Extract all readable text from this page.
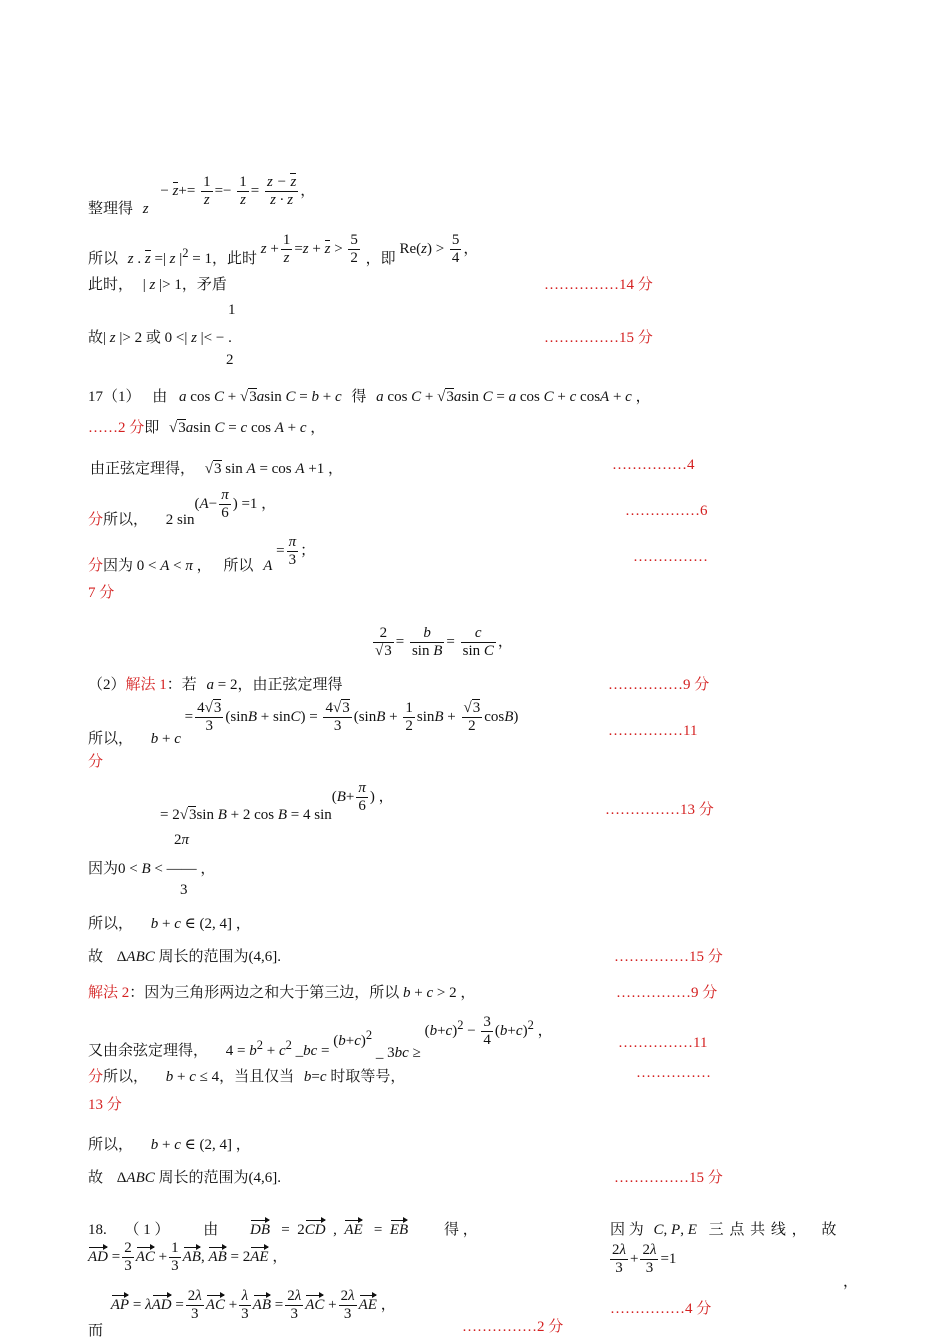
整理得 $z - z+= \frac{1}{z} =- \frac{1}{z} = \frac{z - z}{z \cdot z}$ ，
所以 z . z =| z $|^2 = 1$，此时 $z + \frac{1}{z} =z + z > \frac{5}{2}$ ，即 $Re(z) > \frac{5}{4}$ ，
此时， | z |> 1，矛盾	……………14 分
1
故| z |> 2 或 0 <| z |< − .
2
……………15 分
17（1） 由 a cos C + √3asin C = b + c 得 a cos C + √3asin C = a cos C + c cosA + c ，
……2 分即 √3asin C = c cos A + c ，
由正弦定理得， √3 sin A = cos A +1 ，	……………4
分所以， 2 $\sin(A- \frac{\pi}{6}$ ) =1 ，	……………6
分因为 0 < A < π ， 所以 $A = \frac{\pi}{3}$ ；	……………
7 分
$\frac{2}{√3} = \frac{b}{\text{sin B}} = \frac{c}{\text{sin C}}$ ，
（2）解法 1：若 a = 2，由正弦定理得
	……………9 分
所以， $b + c = \frac{4√3}{3} (\sin B + \sin C) = \frac{4√3}{3} (\sin B + \frac{1}{2}$ $\sin B + \frac{√3}{2} \cos B$)
……………11
分
= 2√3sin B + 2 cos B = 4 $\sin(B+ \frac{\pi}{6}$ ) ，
……………13 分
2π
因为0 < B < —— ，
3
所以， b + c ∈ (2, 4] ，
故 ΔABC 周长的范围为(4,6].	……………15 分
解法 2：因为三角形两边之和大于第三边，所以 b + c > 2 ，	……………9 分
又由余弦定理得， $4 = b^2 + c^2$ _bc = $(b+c)^2$ _ $3bc \ge (b+c)^2 - \frac{3}{4} (b+c)^2$ ，
……………11
分所以， b + c ≤ 4，当且仅当 b=c 时取等号，	……………
13 分
所以， b + c ∈ (2, 4] ，
故 ΔABC 周长的范围为(4,6].	……………15 分
18. （ 1 ） 由 DB   =  2CD  ,  AE   =  EB 得 ，
AD = $\frac{2}{3}$ AC + $\frac{1}{3}$ AB, AB = 2AE ，
而 AP = $\lambda AD = \frac{2\lambda}{3}$ AC + $\frac{\lambda}{3}$ AB = $\frac{2\lambda}{3}$ AC + $\frac{2\lambda}{3}$ AE ，
……………2 分
因 为 C, P, E 三 点 共 线 ， 故
$\frac{2\lambda}{3} + \frac{2\lambda}{3} =1$
，
……………4 分
